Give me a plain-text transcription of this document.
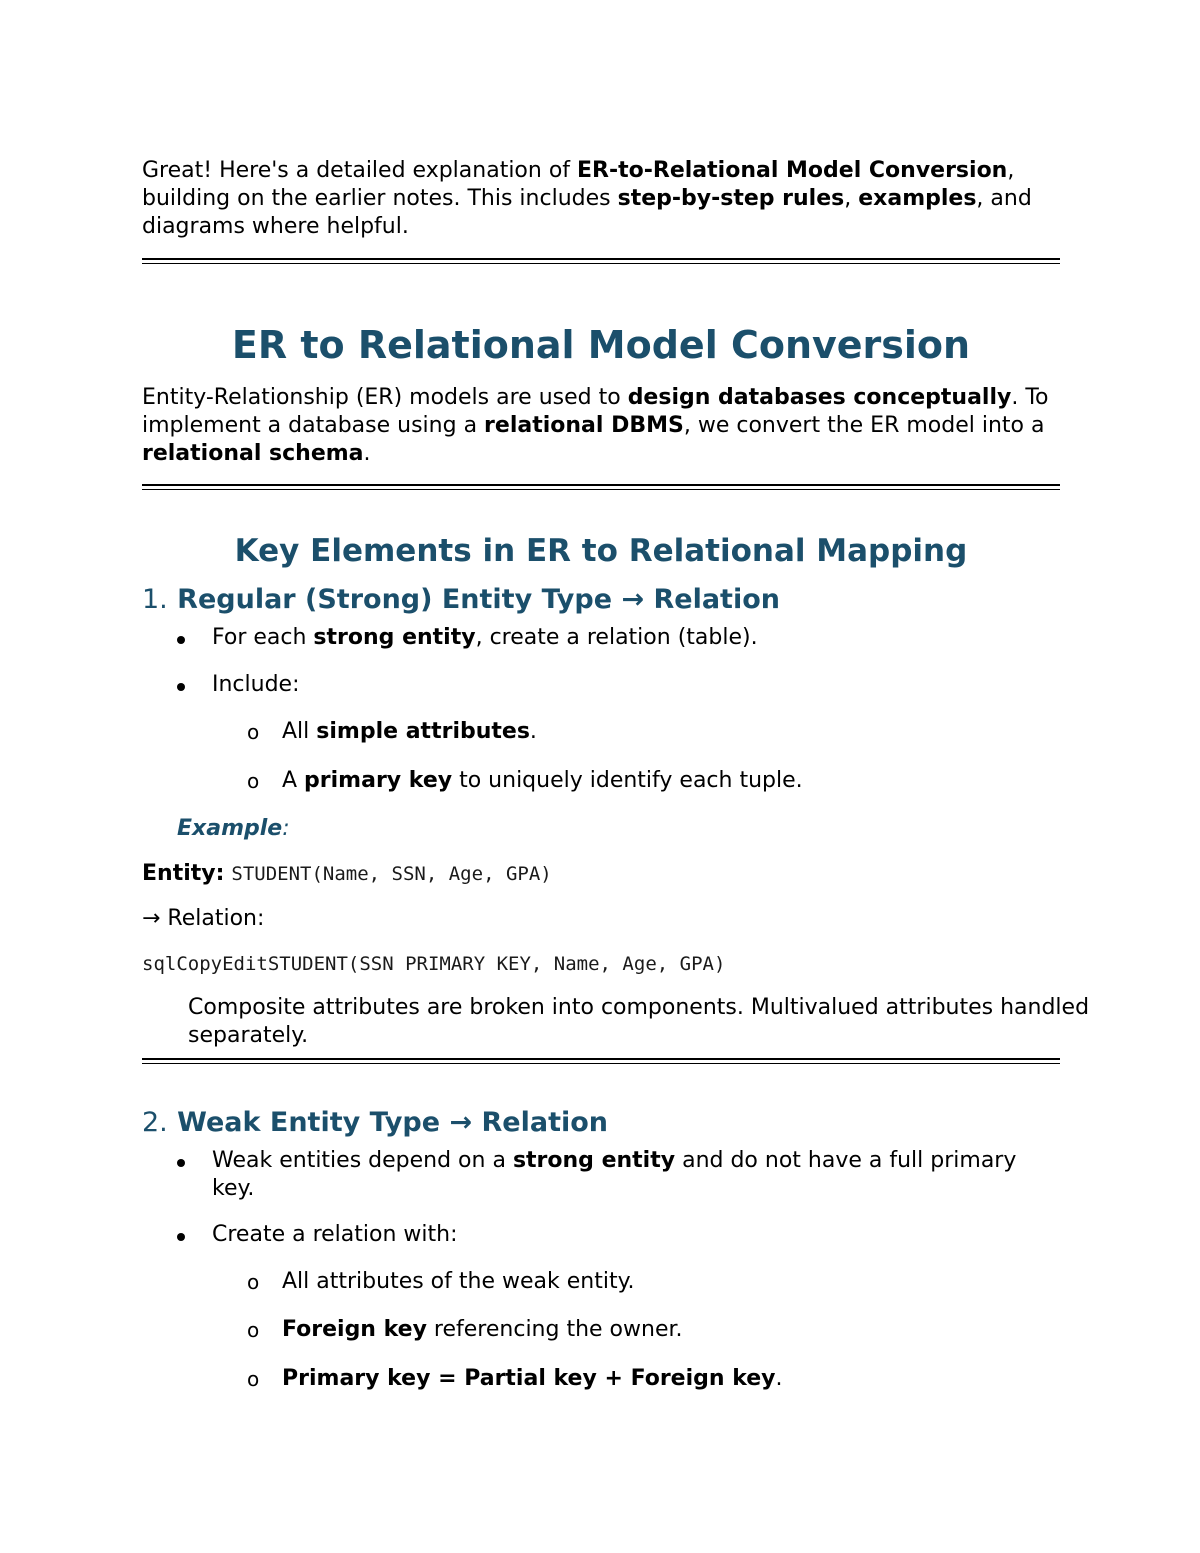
Great! Here's a detailed explanation of ER-to-Relational Model Conversion, building on the earlier notes. This includes step-by-step rules, examples, and diagrams where helpful.

ER to Relational Model Conversion

Entity-Relationship (ER) models are used to design databases conceptually. To implement a database using a relational DBMS, we convert the ER model into a relational schema.

Key Elements in ER to Relational Mapping
1. Regular (Strong) Entity Type → Relation
For each strong entity, create a relation (table).
Include:
o All simple attributes.
o A primary key to uniquely identify each tuple.

Example:

Entity: STUDENT(Name, SSN, Age, GPA)

→ Relation:

sqlCopyEditSTUDENT(SSN PRIMARY KEY, Name, Age, GPA)

Composite attributes are broken into components. Multivalued attributes handled separately.

2. Weak Entity Type → Relation
Weak entities depend on a strong entity and do not have a full primary key.
Create a relation with:
o All attributes of the weak entity.
o Foreign key referencing the owner.
o Primary key = Partial key + Foreign key.
